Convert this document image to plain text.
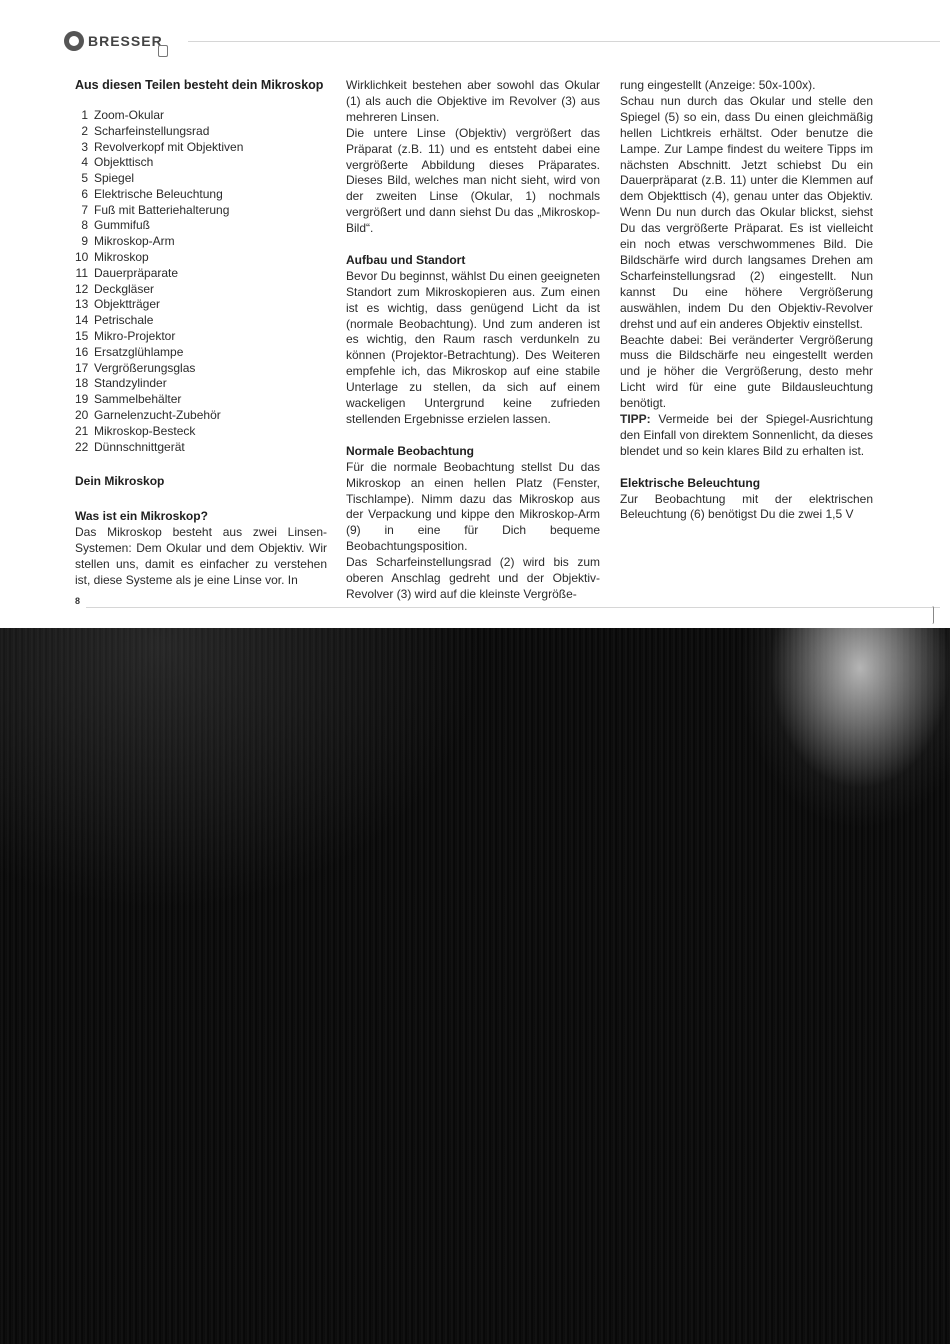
BRESSER
Aus diesen Teilen besteht dein Mikroskop
1 Zoom-Okular
2 Scharfeinstellungsrad
3 Revolverkopf mit Objektiven
4 Objekttisch
5 Spiegel
6 Elektrische Beleuchtung
7 Fuß mit Batteriehalterung
8 Gummifuß
9 Mikroskop-Arm
10 Mikroskop
11 Dauerpräparate
12 Deckgläser
13 Objektträger
14 Petrischale
15 Mikro-Projektor
16 Ersatzglühlampe
17 Vergrößerungsglas
18 Standzylinder
19 Sammelbehälter
20 Garnelenzucht-Zubehör
21 Mikroskop-Besteck
22 Dünnschnittgerät
Dein Mikroskop
Was ist ein Mikroskop?

Das Mikroskop besteht aus zwei Linsen-Systemen: Dem Okular und dem Objektiv. Wir stellen uns, damit es einfacher zu verstehen ist, diese Systeme als je eine Linse vor. In

Wirklichkeit bestehen aber sowohl das Okular (1) als auch die Objektive im Revolver (3) aus mehreren Linsen.

Die untere Linse (Objektiv) vergrößert das Präparat (z.B. 11) und es entsteht dabei eine vergrößerte Abbildung dieses Präparates. Dieses Bild, welches man nicht sieht, wird von der zweiten Linse (Okular, 1) nochmals vergrößert und dann siehst Du das „Mikroskop-Bild“.

Aufbau und Standort

Bevor Du beginnst, wählst Du einen geeigneten Standort zum Mikroskopieren aus. Zum einen ist es wichtig, dass genügend Licht da ist (normale Beobachtung). Und zum anderen ist es wichtig, den Raum rasch verdunkeln zu können (Projektor-Betrachtung). Des Weiteren empfehle ich, das Mikroskop auf eine stabile Unterlage zu stellen, da sich auf einem wackeligen Untergrund keine zufrieden stellenden Ergebnisse erzielen lassen.

Normale Beobachtung

Für die normale Beobachtung stellst Du das Mikroskop an einen hellen Platz (Fenster, Tischlampe). Nimm dazu das Mikroskop aus der Verpackung und kippe den Mikroskop-Arm (9) in eine für Dich bequeme Beobachtungsposition.

Das Scharfeinstellungsrad (2) wird bis zum oberen Anschlag gedreht und der Objektiv-Revolver (3) wird auf die kleinste Vergröße-

rung eingestellt (Anzeige: 50x-100x).

Schau nun durch das Okular und stelle den Spiegel (5) so ein, dass Du einen gleichmäßig hellen Lichtkreis erhältst. Oder benutze die Lampe. Zur Lampe findest du weitere Tipps im nächsten Abschnitt. Jetzt schiebst Du ein Dauerpräparat (z.B. 11) unter die Klemmen auf dem Objekttisch (4), genau unter das Objektiv. Wenn Du nun durch das Okular blickst, siehst Du das vergrößerte Präparat. Es ist vielleicht ein noch etwas verschwommenes Bild. Die Bildschärfe wird durch langsames Drehen am Scharfeinstellungsrad (2) eingestellt. Nun kannst Du eine höhere Vergrößerung auswählen, indem Du den Objektiv-Revolver drehst und auf ein anderes Objektiv einstellst.

Beachte dabei: Bei veränderter Vergrößerung muss die Bildschärfe neu eingestellt werden und je höher die Vergrößerung, desto mehr Licht wird für eine gute Bildausleuchtung benötigt.

TIPP: Vermeide bei der Spiegel-Ausrichtung den Einfall von direktem Sonnenlicht, da dieses blendet und so kein klares Bild zu erhalten ist.

Elektrische Beleuchtung

Zur Beobachtung mit der elektrischen Beleuchtung (6) benötigst Du die zwei 1,5 V

8
